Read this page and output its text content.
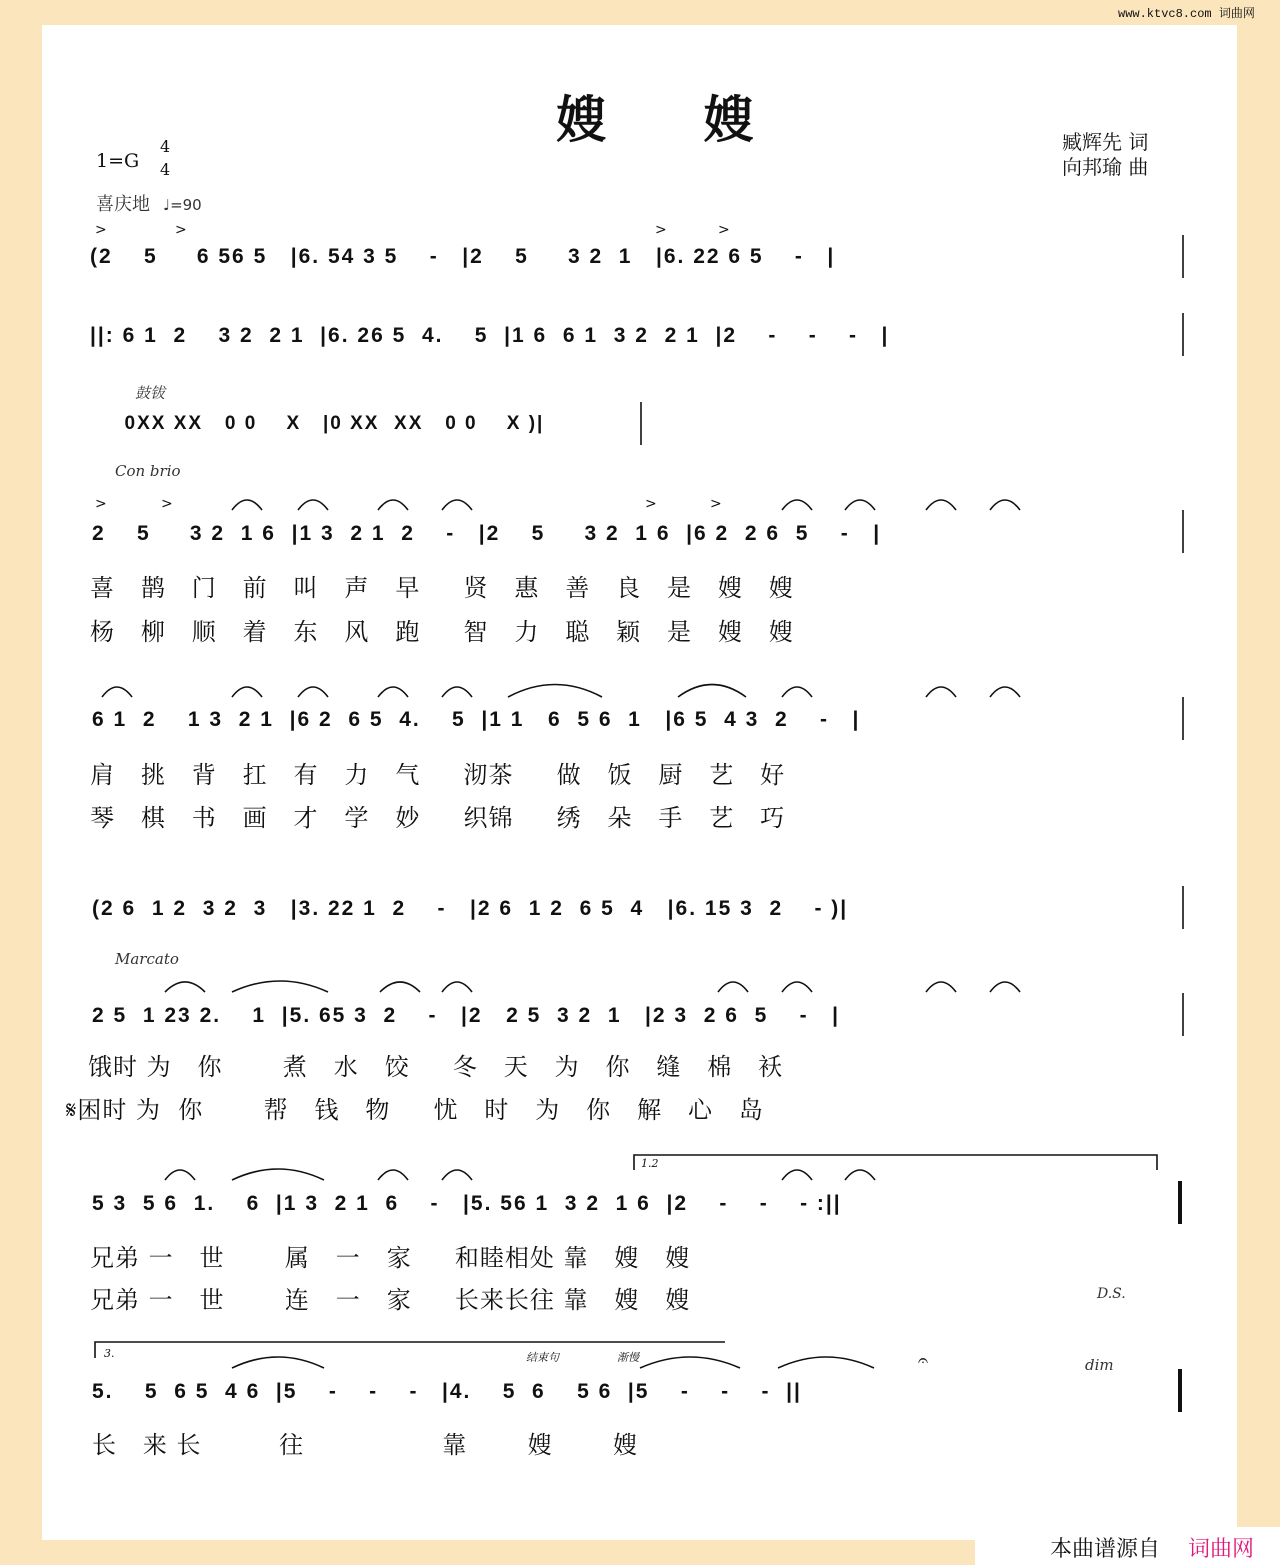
www.ktvc8.com 词曲网
嫂 嫂	臧辉先 词
向邦瑜 曲
1=G
4
4
喜庆地 ♩=90
>	>	>	>
>	>	>	>
鼓钹
Con brio
Marcato
D.S.
1.2
3.	结束句	渐慢	dim
𝄐
(2    5     6 56 5   |6. 54 3 5    -   |2    5     3 2  1   |6. 22 6 5    -   |
||: 6 1  2    3 2  2 1  |6. 26 5  4.    5  |1 6  6 1  3 2  2 1  |2    -    -    -   |
0XX XX   0 0    X   |0 XX  XX   0 0    X )|
2    5     3 2  1 6  |1 3  2 1  2    -   |2    5     3 2  1 6  |6 2  2 6  5    -   |
喜   鹊   门   前   叫   声   早     贤   惠   善   良   是   嫂   嫂
杨   柳   顺   着   东   风   跑     智   力   聪   颖   是   嫂   嫂
6 1  2    1 3  2 1  |6 2  6 5  4.    5  |1 1   6  5 6  1   |6 5  4 3  2    -   |
肩   挑   背   扛   有   力   气     沏茶     做   饭   厨   艺   好
琴   棋   书   画   才   学   妙     织锦     绣   朵   手   艺   巧
(2 6  1 2  3 2  3   |3. 22 1  2    -   |2 6  1 2  6 5  4   |6. 15 3  2    - )|
2 5  1 23 2.    1  |5. 65 3  2    -   |2   2 5  3 2  1   |2 3  2 6  5    -   |
饿时 为   你       煮   水   饺     冬   天   为   你   缝   棉   袄
𝄋困时 为  你       帮   钱   物     忧   时   为   你   解   心   岛
5 3  5 6  1.    6  |1 3  2 1  6    -   |5. 56 1  3 2  1 6  |2    -    -    - :||
兄弟 一   世       属   一   家     和睦相处 靠   嫂   嫂
兄弟 一   世       连   一   家     长来长往 靠   嫂   嫂
5.    5  6 5  4 6  |5    -    -    -   |4.    5  6    5 6  |5    -    -    -  ||
长   来 长         往                靠       嫂       嫂
本曲谱源自 词曲网
